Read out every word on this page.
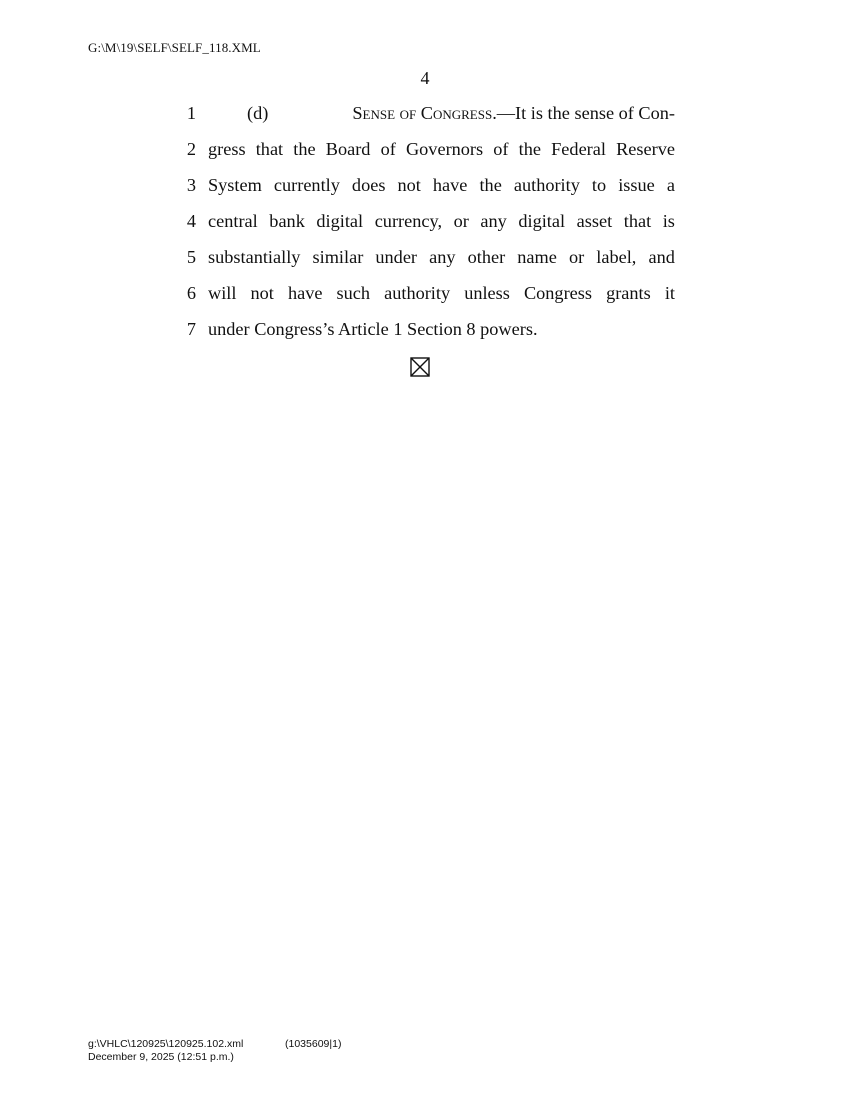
G:\M\19\SELF\SELF_118.XML
4
1	(d)	Sense of Congress.—It is the sense of Con-
2 gress that the Board of Governors of the Federal Reserve
3 System currently does not have the authority to issue a
4 central bank digital currency, or any digital asset that is
5 substantially similar under any other name or label, and
6 will not have such authority unless Congress grants it
7 under Congress’s Article 1 Section 8 powers.
g:\VHLC\120925\120925.102.xml	(1035609|1)
December 9, 2025 (12:51 p.m.)
